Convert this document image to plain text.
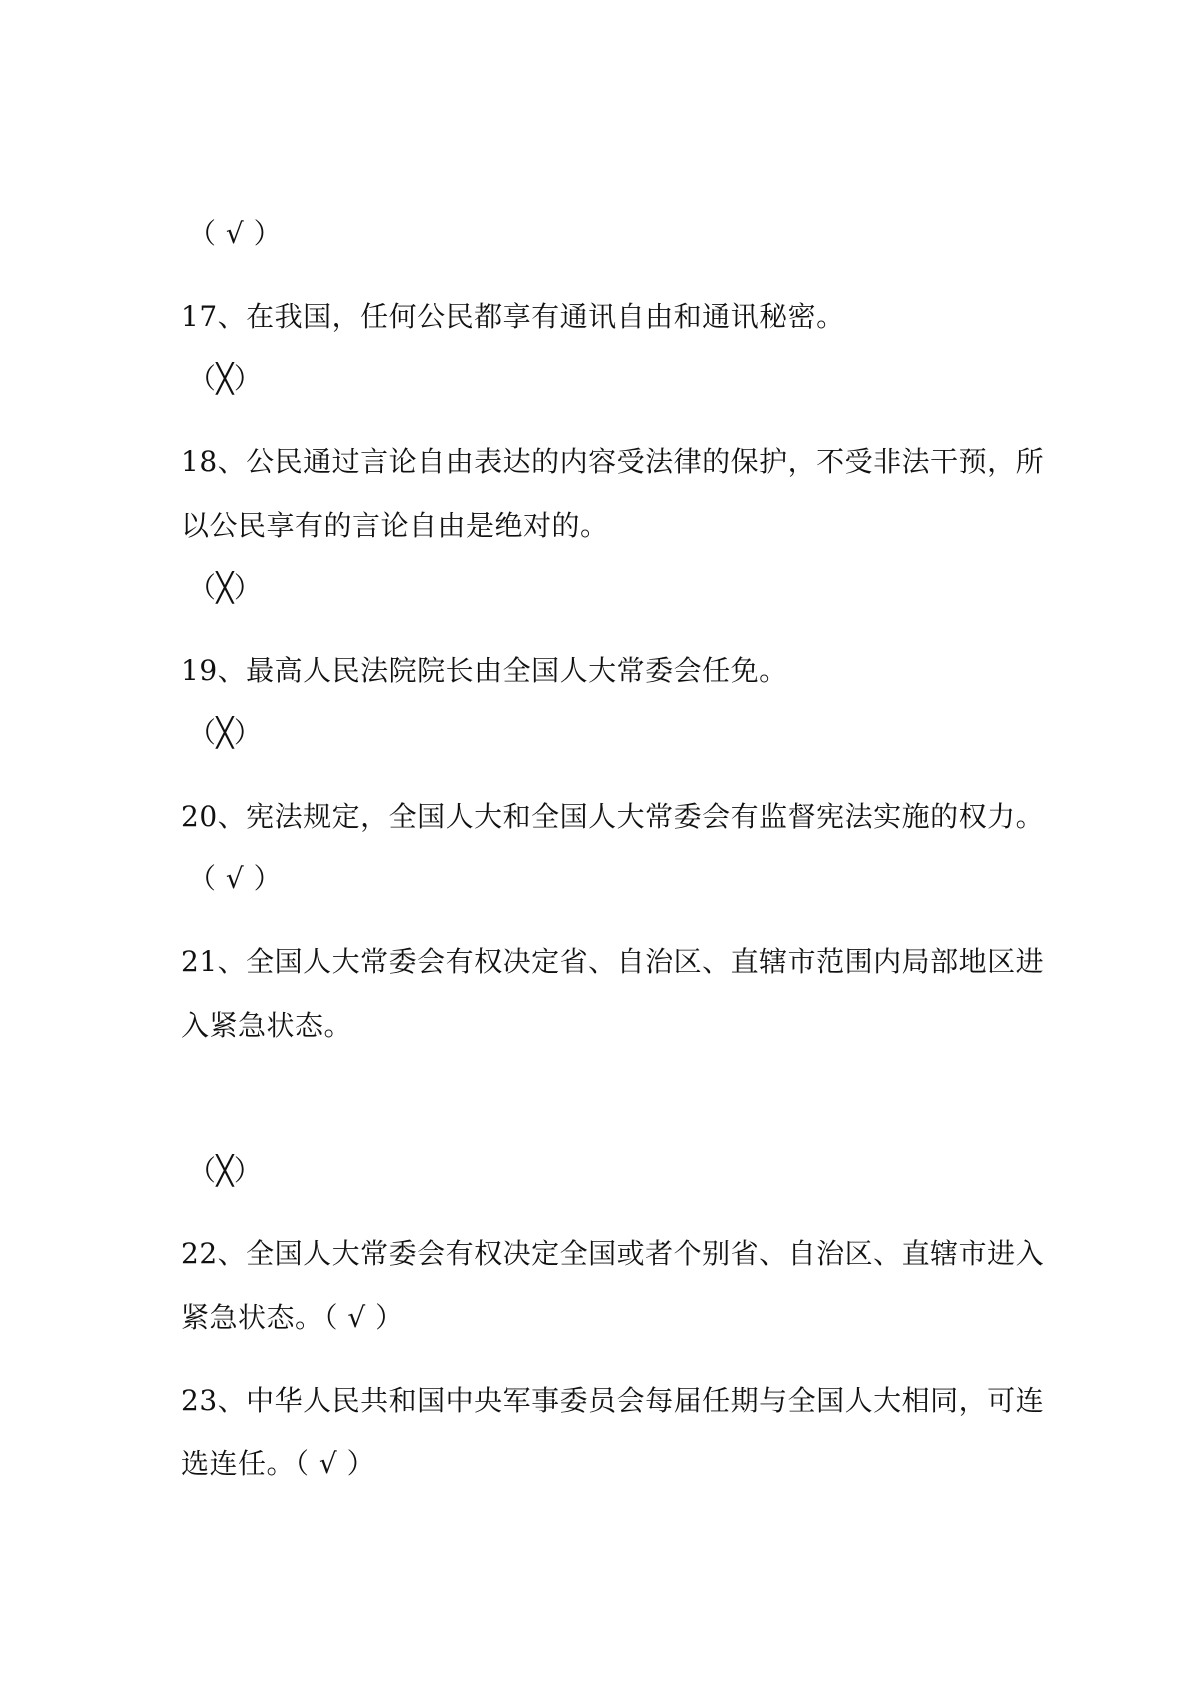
（ √ ）
17、在我国，任何公民都享有通讯自由和通讯秘密。
（╳）
18、公民通过言论自由表达的内容受法律的保护，不受非法干预，所
以公民享有的言论自由是绝对的。
（╳）
19、最高人民法院院长由全国人大常委会任免。
（╳）
20、宪法规定，全国人大和全国人大常委会有监督宪法实施的权力。
（ √ ）
21、全国人大常委会有权决定省、自治区、直辖市范围内局部地区进
入紧急状态。
（╳）
22、全国人大常委会有权决定全国或者个别省、自治区、直辖市进入
紧急状态。（ √ ）
23、中华人民共和国中央军事委员会每届任期与全国人大相同，可连
选连任。（ √ ）
